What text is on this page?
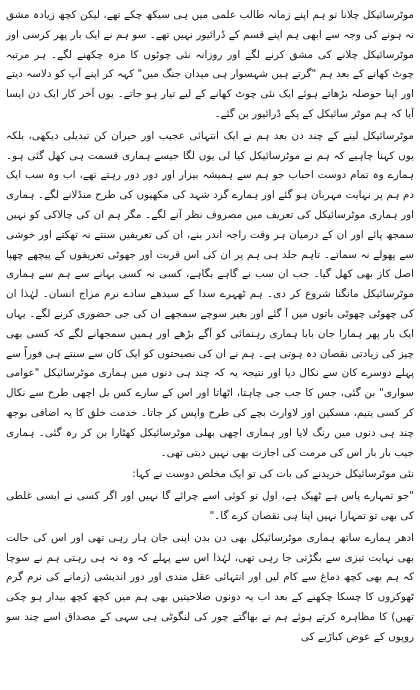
موٹرسائیکل چلانا تو ہم اپنے زمانہ طالب علمی میں ہی سیکھ چکے تھے، لیکن کچھ زیادہ مشق نہ ہونے کی وجہ سے ابھی ہم اپنے قسم کے ڈرائیور نہیں تھے۔ سو ہم نے ایک بار پھر کرسی اور موٹرسائیکل چلانے کی مشق کرنے لگے اور روزانہ نئی چوٹوں کا مزہ چکھنے لگے۔ ہر مرتبہ چوٹ کھانے کے بعد ہم "گرتے ہیں شہسوار ہی میدان جنگ میں" کہہ کر اپنے آپ کو دلاسہ دیتے اور اپنا حوصلہ بڑھاتے ہوئے ایک نئی چوٹ کھانے کے لیے تیار ہو جاتے۔ یوں آخر کار ایک دن ایسا آیا کہ ہم موٹر سائیکل کے پکے ڈرائیور بن گئے۔

موٹرسائیکل لینے کے چند دن بعد ہم نے ایک انتہائی عجیب اور حیران کن تبدیلی دیکھی، بلکہ یوں کہنا چاہیے کہ ہم نے موٹرسائیکل کیا لی یوں لگا جیسے ہماری قسمت ہی کھل گئی ہو۔ ہمارے وہ تمام دوست احباب جو ہم سے ہمیشہ بیزار اور دور دور رہتے تھے، اب وہ سب ایک دم ہم پر نہایت مہربان ہو گئے اور ہمارے گرد شہد کی مکھیوں کی طرح منڈلانے لگے۔ ہماری اور ہماری موٹرسائیکل کی تعریف میں مصروف نظر آنے لگے۔ مگر ہم ان کی چالاکی کو نہیں سمجھ پائے اور ان کے درمیان ہر وقت راجہ اندر بنے، ان کی تعریفیں سنتے نہ تھکتے اور خوشی سے پھولے نہ سماتے۔ تاہم جلد ہی ہم پر ان کی اس قربت اور جھوٹی تعریفوں کے پیچھے چھپا اصل کاز بھی کھل گیا۔ جب ان سب نے گاہے بگاہے، کسی نہ کسی بہانے سے ہم سے ہماری موٹرسائیکل مانگنا شروع کر دی۔ ہم ٹھہرے سدا کے سیدھے سادے نرم مزاج انسان۔ لہٰذا ان کی چھوٹی چھوٹی باتوں میں آ گئے اور بغیر سوچے سمجھے ان کی جی حضوری کرنے لگے۔ یہاں ایک بار پھر ہمارا جان بابا ہماری رہنمائی کو آگے بڑھے اور ہمیں سمجھانے لگے کہ کسی بھی چیز کی زیادتی نقصان دہ ہوتی ہے۔ ہم نے ان کی نصیحتوں کو ایک کان سے سنتے ہی فوراً سے پہلے دوسرے کان سے نکال دیا اور نتیجہ یہ کہ چند ہی دنوں میں ہماری موٹرسائیکل "عوامی سواری" بن گئی، جس کا جب جی چاہتا، اٹھاتا اور اس کے سارے کس بل اچھی طرح سے نکال کر کسی یتیم، مسکین اور لاوارث بچے کی طرح واپس کر جاتا۔ خدمت خلق کا یہ اضافی بوجھ چند ہی دنوں میں رنگ لایا اور ہماری اچھی بھلی موٹرسائیکل کھٹارا بن کر رہ گئی۔ ہماری جیب بار بار اس کی مرمت کی اجازت بھی نہیں دیتی تھی۔

نئی موٹرسائیکل خریدنے کی بات کی تو ایک مخلص دوست نے کہا:

"جو تمہارے پاس ہے ٹھیک ہے، اول تو کوئی اسے چرائے گا نہیں اور اگر کسی نے ایسی غلطی کی بھی تو تمہارا نہیں اپنا ہی نقصان کرے گا۔"

ادھر ہمارے ساتھ ہماری موٹرسائیکل بھی دن بدن اپنی جان ہار رہی تھی اور اس کی حالت بھی نہایت تیزی سے بگڑتی جا رہی تھی، لہٰذا اس سے پہلے کہ وہ نہ ہی رہتی ہم نے سوچا کہ ہم بھی کچھ دماغ سے کام لیں اور انتہائی عقل مندی اور دور اندیشی (زمانے کی نرم گرم ٹھوکروں کا چسکا چکھنے کے بعد اب یہ دونوں صلاحیتیں بھی ہم میں کچھ کچھ بیدار ہو چکی تھیں) کا مظاہرہ کرتے ہوئے ہم نے بھاگتے چور کی لنگوٹی ہی سہی کے مصداق اسے چند سو روپوں کے عوض کباڑیے کی
